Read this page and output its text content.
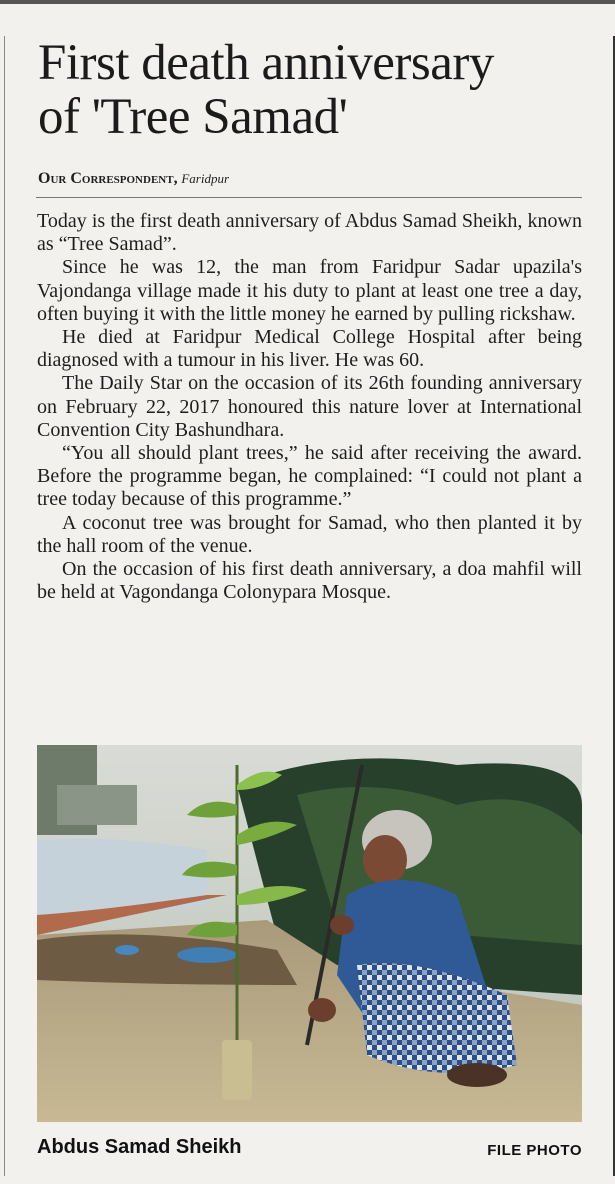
First death anniversary
of 'Tree Samad'
Our Correspondent, Faridpur

Today is the first death anniversary of Abdus Samad Sheikh, known as “Tree Samad”.

Since he was 12, the man from Faridpur Sadar upazila's Vajondanga village made it his duty to plant at least one tree a day, often buying it with the little money he earned by pulling rickshaw.

He died at Faridpur Medical College Hospital after being diagnosed with a tumour in his liver. He was 60.

The Daily Star on the occasion of its 26th founding anniversary on February 22, 2017 honoured this nature lover at International Convention City Bashundhara.

“You all should plant trees,” he said after receiving the award. Before the programme began, he complained: “I could not plant a tree today because of this programme.”

A coconut tree was brought for Samad, who then planted it by the hall room of the venue.

On the occasion of his first death anniversary, a doa mahfil will be held at Vagondanga Colonypara Mosque.

Abdus Samad Sheikh	FILE PHOTO
